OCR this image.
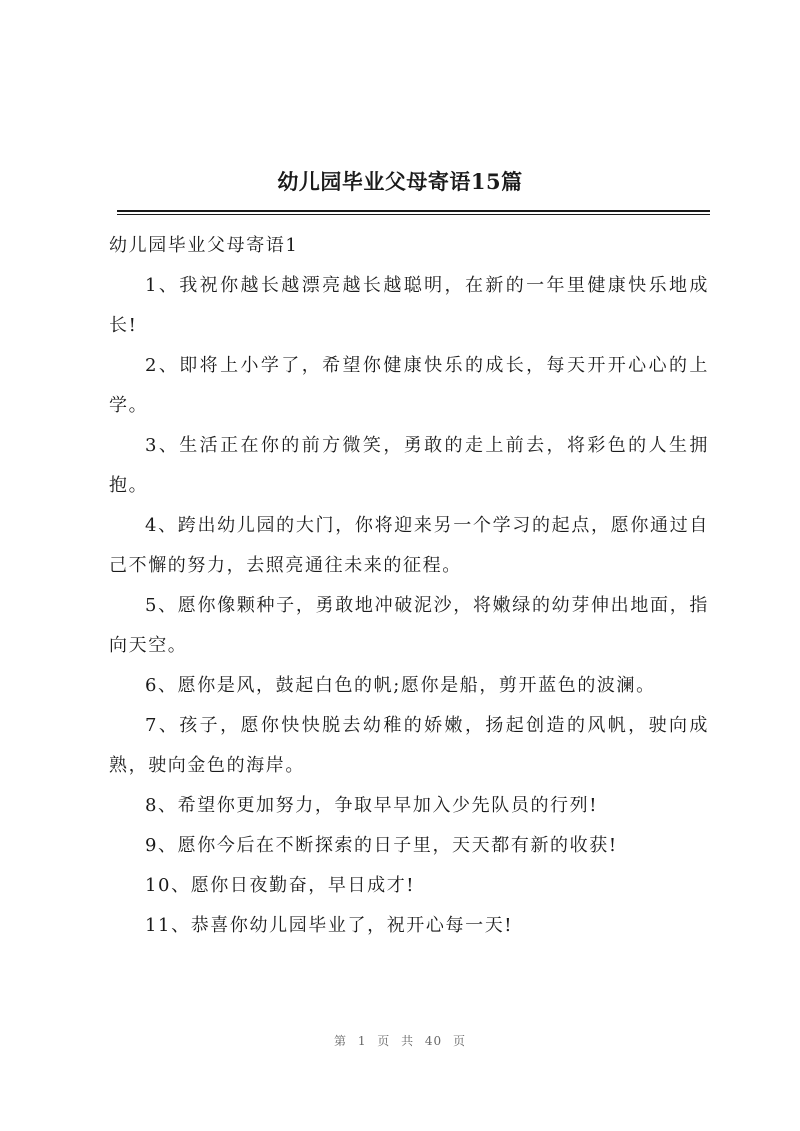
幼儿园毕业父母寄语15篇

幼儿园毕业父母寄语1

1、我祝你越长越漂亮越长越聪明，在新的一年里健康快乐地成长!

2、即将上小学了，希望你健康快乐的成长，每天开开心心的上学。

3、生活正在你的前方微笑，勇敢的走上前去，将彩色的人生拥抱。

4、跨出幼儿园的大门，你将迎来另一个学习的起点，愿你通过自己不懈的努力，去照亮通往未来的征程。

5、愿你像颗种子，勇敢地冲破泥沙，将嫩绿的幼芽伸出地面，指向天空。

6、愿你是风，鼓起白色的帆;愿你是船，剪开蓝色的波澜。

7、孩子，愿你快快脱去幼稚的娇嫩，扬起创造的风帆，驶向成熟，驶向金色的海岸。

8、希望你更加努力，争取早早加入少先队员的行列!

9、愿你今后在不断探索的日子里，天天都有新的收获!

10、愿你日夜勤奋，早日成才!

11、恭喜你幼儿园毕业了，祝开心每一天!

第 1 页 共 40 页
